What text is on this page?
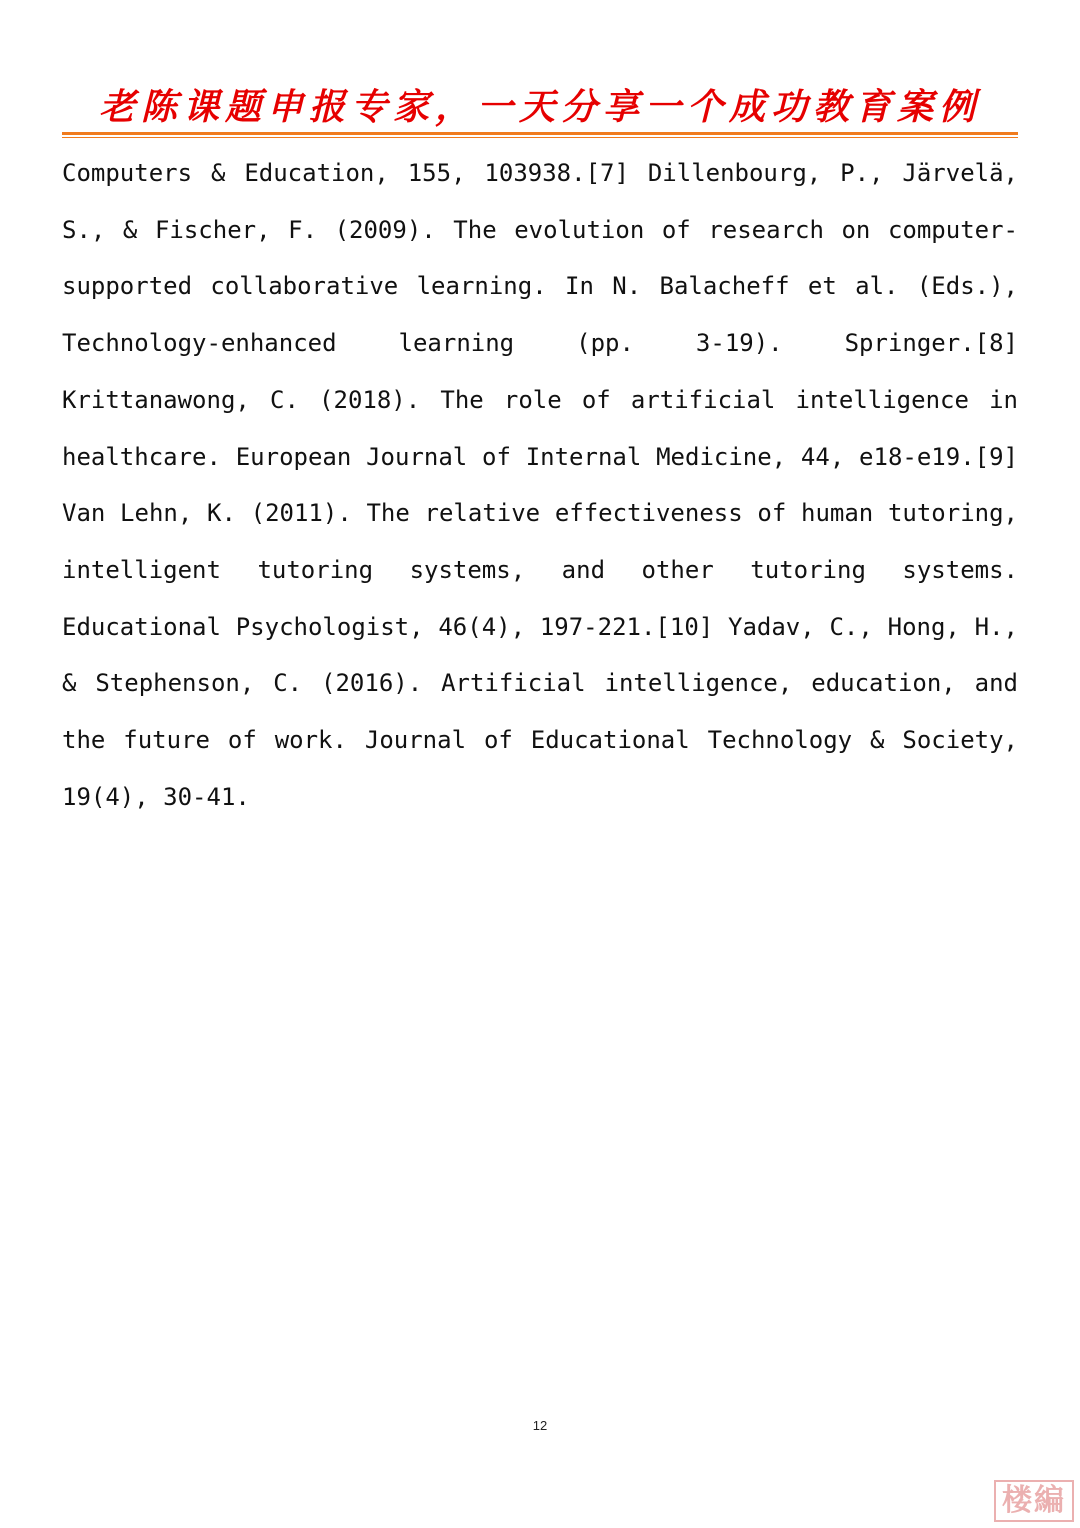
老陈课题申报专家，一天分享一个成功教育案例

Computers & Education, 155, 103938.[7] Dillenbourg, P., Järvelä, S., & Fischer, F. (2009). The evolution of research on computer-supported collaborative learning. In N. Balacheff et al. (Eds.), Technology-enhanced learning (pp. 3-19). Springer.[8] Krittanawong, C. (2018). The role of artificial intelligence in healthcare. European Journal of Internal Medicine, 44, e18-e19.[9] Van Lehn, K. (2011). The relative effectiveness of human tutoring, intelligent tutoring systems, and other tutoring systems. Educational Psychologist, 46(4), 197-221.[10] Yadav, C., Hong, H., & Stephenson, C. (2016). Artificial intelligence, education, and the future of work. Journal of Educational Technology & Society, 19(4), 30-41.

12
楼編
